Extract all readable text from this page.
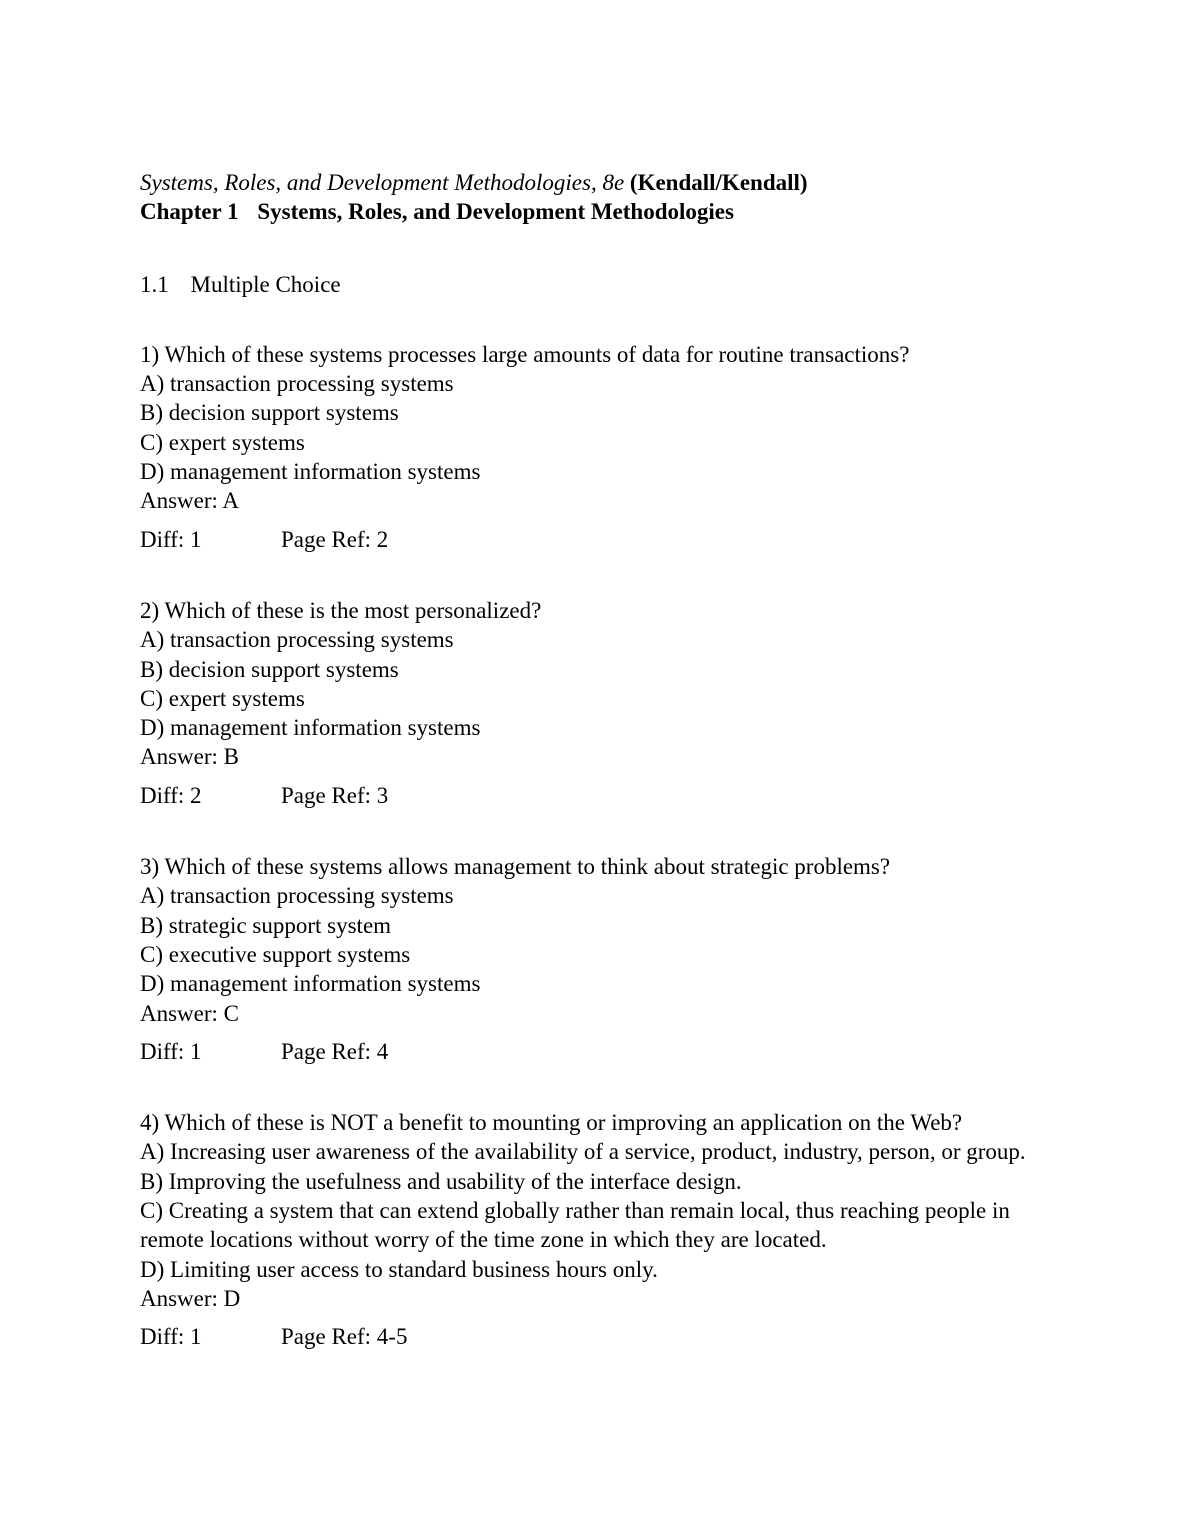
Systems, Roles, and Development Methodologies, 8e (Kendall/Kendall)
Chapter 1 Systems, Roles, and Development Methodologies
1.1 Multiple Choice
1) Which of these systems processes large amounts of data for routine transactions?
A) transaction processing systems
B) decision support systems
C) expert systems
D) management information systems
Answer: A
Diff: 1	Page Ref: 2
2) Which of these is the most personalized?
A) transaction processing systems
B) decision support systems
C) expert systems
D) management information systems
Answer: B
Diff: 2	Page Ref: 3
3) Which of these systems allows management to think about strategic problems?
A) transaction processing systems
B) strategic support system
C) executive support systems
D) management information systems
Answer: C
Diff: 1	Page Ref: 4
4) Which of these is NOT a benefit to mounting or improving an application on the Web?
A) Increasing user awareness of the availability of a service, product, industry, person, or group.
B) Improving the usefulness and usability of the interface design.
C) Creating a system that can extend globally rather than remain local, thus reaching people in
remote locations without worry of the time zone in which they are located.
D) Limiting user access to standard business hours only.
Answer: D
Diff: 1	Page Ref: 4-5
